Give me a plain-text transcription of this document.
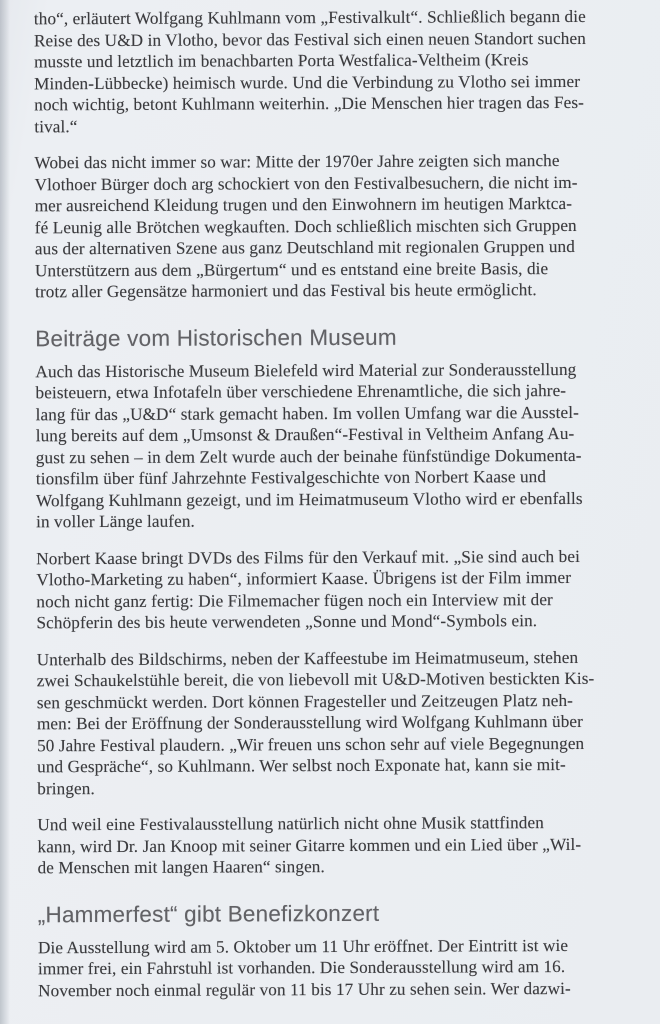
tho“, erläutert Wolfgang Kuhlmann vom „Festivalkult“. Schließlich begann die
Reise des U&D in Vlotho, bevor das Festival sich einen neuen Standort suchen
musste und letztlich im benachbarten Porta Westfalica-Veltheim (Kreis
Minden-Lübbecke) heimisch wurde. Und die Verbindung zu Vlotho sei immer
noch wichtig, betont Kuhlmann weiterhin. „Die Menschen hier tragen das Fes-
tival.“

Wobei das nicht immer so war: Mitte der 1970er Jahre zeigten sich manche
Vlothoer Bürger doch arg schockiert von den Festivalbesuchern, die nicht im-
mer ausreichend Kleidung trugen und den Einwohnern im heutigen Marktca-
fé Leunig alle Brötchen wegkauften. Doch schließlich mischten sich Gruppen
aus der alternativen Szene aus ganz Deutschland mit regionalen Gruppen und
Unterstützern aus dem „Bürgertum“ und es entstand eine breite Basis, die
trotz aller Gegensätze harmoniert und das Festival bis heute ermöglicht.

Beiträge vom Historischen Museum

Auch das Historische Museum Bielefeld wird Material zur Sonderausstellung
beisteuern, etwa Infotafeln über verschiedene Ehrenamtliche, die sich jahre-
lang für das „U&D“ stark gemacht haben. Im vollen Umfang war die Ausstel-
lung bereits auf dem „Umsonst & Draußen“-Festival in Veltheim Anfang Au-
gust zu sehen – in dem Zelt wurde auch der beinahe fünfstündige Dokumenta-
tionsfilm über fünf Jahrzehnte Festivalgeschichte von Norbert Kaase und
Wolfgang Kuhlmann gezeigt, und im Heimatmuseum Vlotho wird er ebenfalls
in voller Länge laufen.

Norbert Kaase bringt DVDs des Films für den Verkauf mit. „Sie sind auch bei
Vlotho-Marketing zu haben“, informiert Kaase. Übrigens ist der Film immer
noch nicht ganz fertig: Die Filmemacher fügen noch ein Interview mit der
Schöpferin des bis heute verwendeten „Sonne und Mond“-Symbols ein.

Unterhalb des Bildschirms, neben der Kaffeestube im Heimatmuseum, stehen
zwei Schaukelstühle bereit, die von liebevoll mit U&D-Motiven bestickten Kis-
sen geschmückt werden. Dort können Fragesteller und Zeitzeugen Platz neh-
men: Bei der Eröffnung der Sonderausstellung wird Wolfgang Kuhlmann über
50 Jahre Festival plaudern. „Wir freuen uns schon sehr auf viele Begegnungen
und Gespräche“, so Kuhlmann. Wer selbst noch Exponate hat, kann sie mit-
bringen.

Und weil eine Festivalausstellung natürlich nicht ohne Musik stattfinden
kann, wird Dr. Jan Knoop mit seiner Gitarre kommen und ein Lied über „Wil-
de Menschen mit langen Haaren“ singen.

„Hammerfest“ gibt Benefizkonzert

Die Ausstellung wird am 5. Oktober um 11 Uhr eröffnet. Der Eintritt ist wie
immer frei, ein Fahrstuhl ist vorhanden. Die Sonderausstellung wird am 16.
November noch einmal regulär von 11 bis 17 Uhr zu sehen sein. Wer dazwi-
